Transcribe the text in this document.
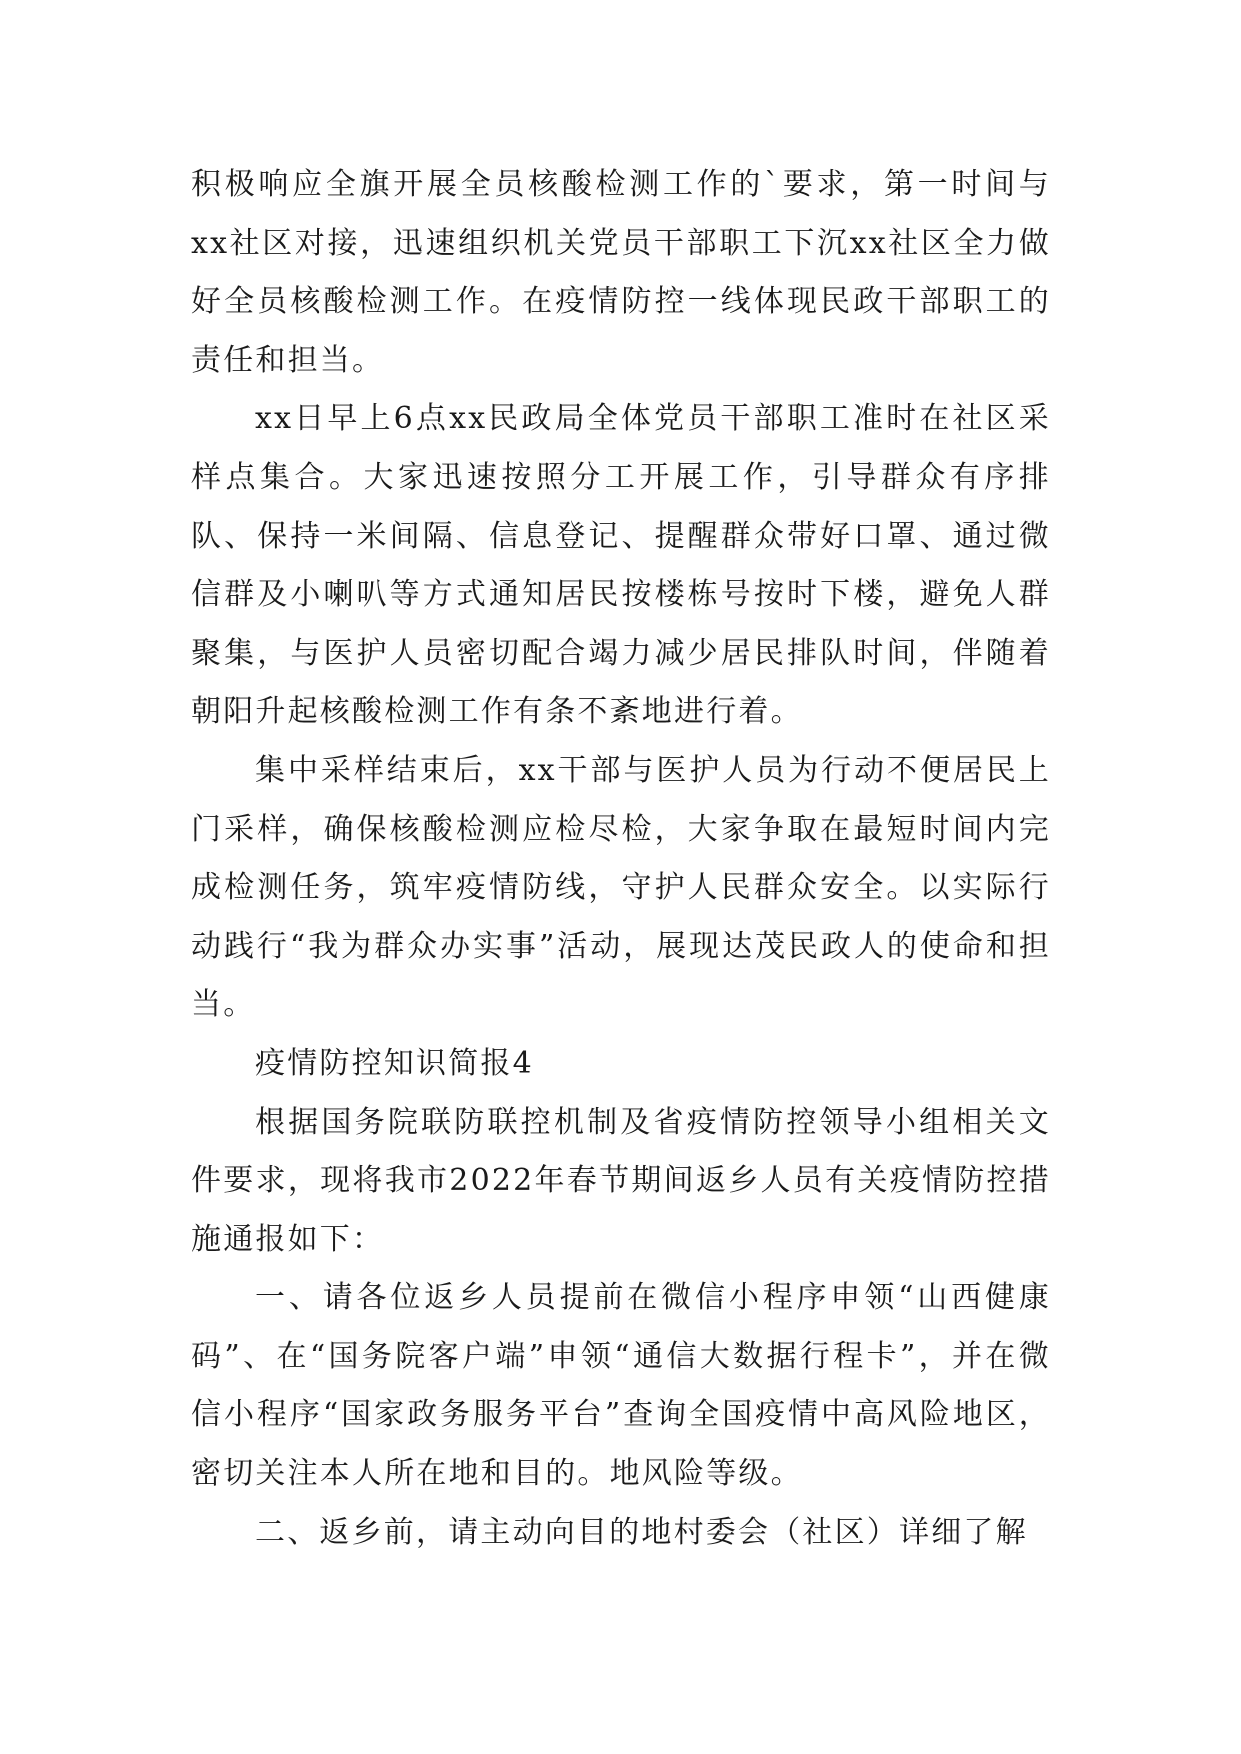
积极响应全旗开展全员核酸检测工作的`要求，第一时间与xx社区对接，迅速组织机关党员干部职工下沉xx社区全力做好全员核酸检测工作。在疫情防控一线体现民政干部职工的责任和担当。

xx日早上6点xx民政局全体党员干部职工准时在社区采样点集合。大家迅速按照分工开展工作，引导群众有序排队、保持一米间隔、信息登记、提醒群众带好口罩、通过微信群及小喇叭等方式通知居民按楼栋号按时下楼，避免人群聚集，与医护人员密切配合竭力减少居民排队时间，伴随着朝阳升起核酸检测工作有条不紊地进行着。

集中采样结束后，xx干部与医护人员为行动不便居民上门采样，确保核酸检测应检尽检，大家争取在最短时间内完成检测任务，筑牢疫情防线，守护人民群众安全。以实际行动践行“我为群众办实事”活动，展现达茂民政人的使命和担当。

疫情防控知识简报4

根据国务院联防联控机制及省疫情防控领导小组相关文件要求，现将我市2022年春节期间返乡人员有关疫情防控措施通报如下：

一、请各位返乡人员提前在微信小程序申领“山西健康码”、在“国务院客户端”申领“通信大数据行程卡”，并在微信小程序“国家政务服务平台”查询全国疫情中高风险地区，密切关注本人所在地和目的。地风险等级。

二、返乡前，请主动向目的地村委会（社区）详细了解
